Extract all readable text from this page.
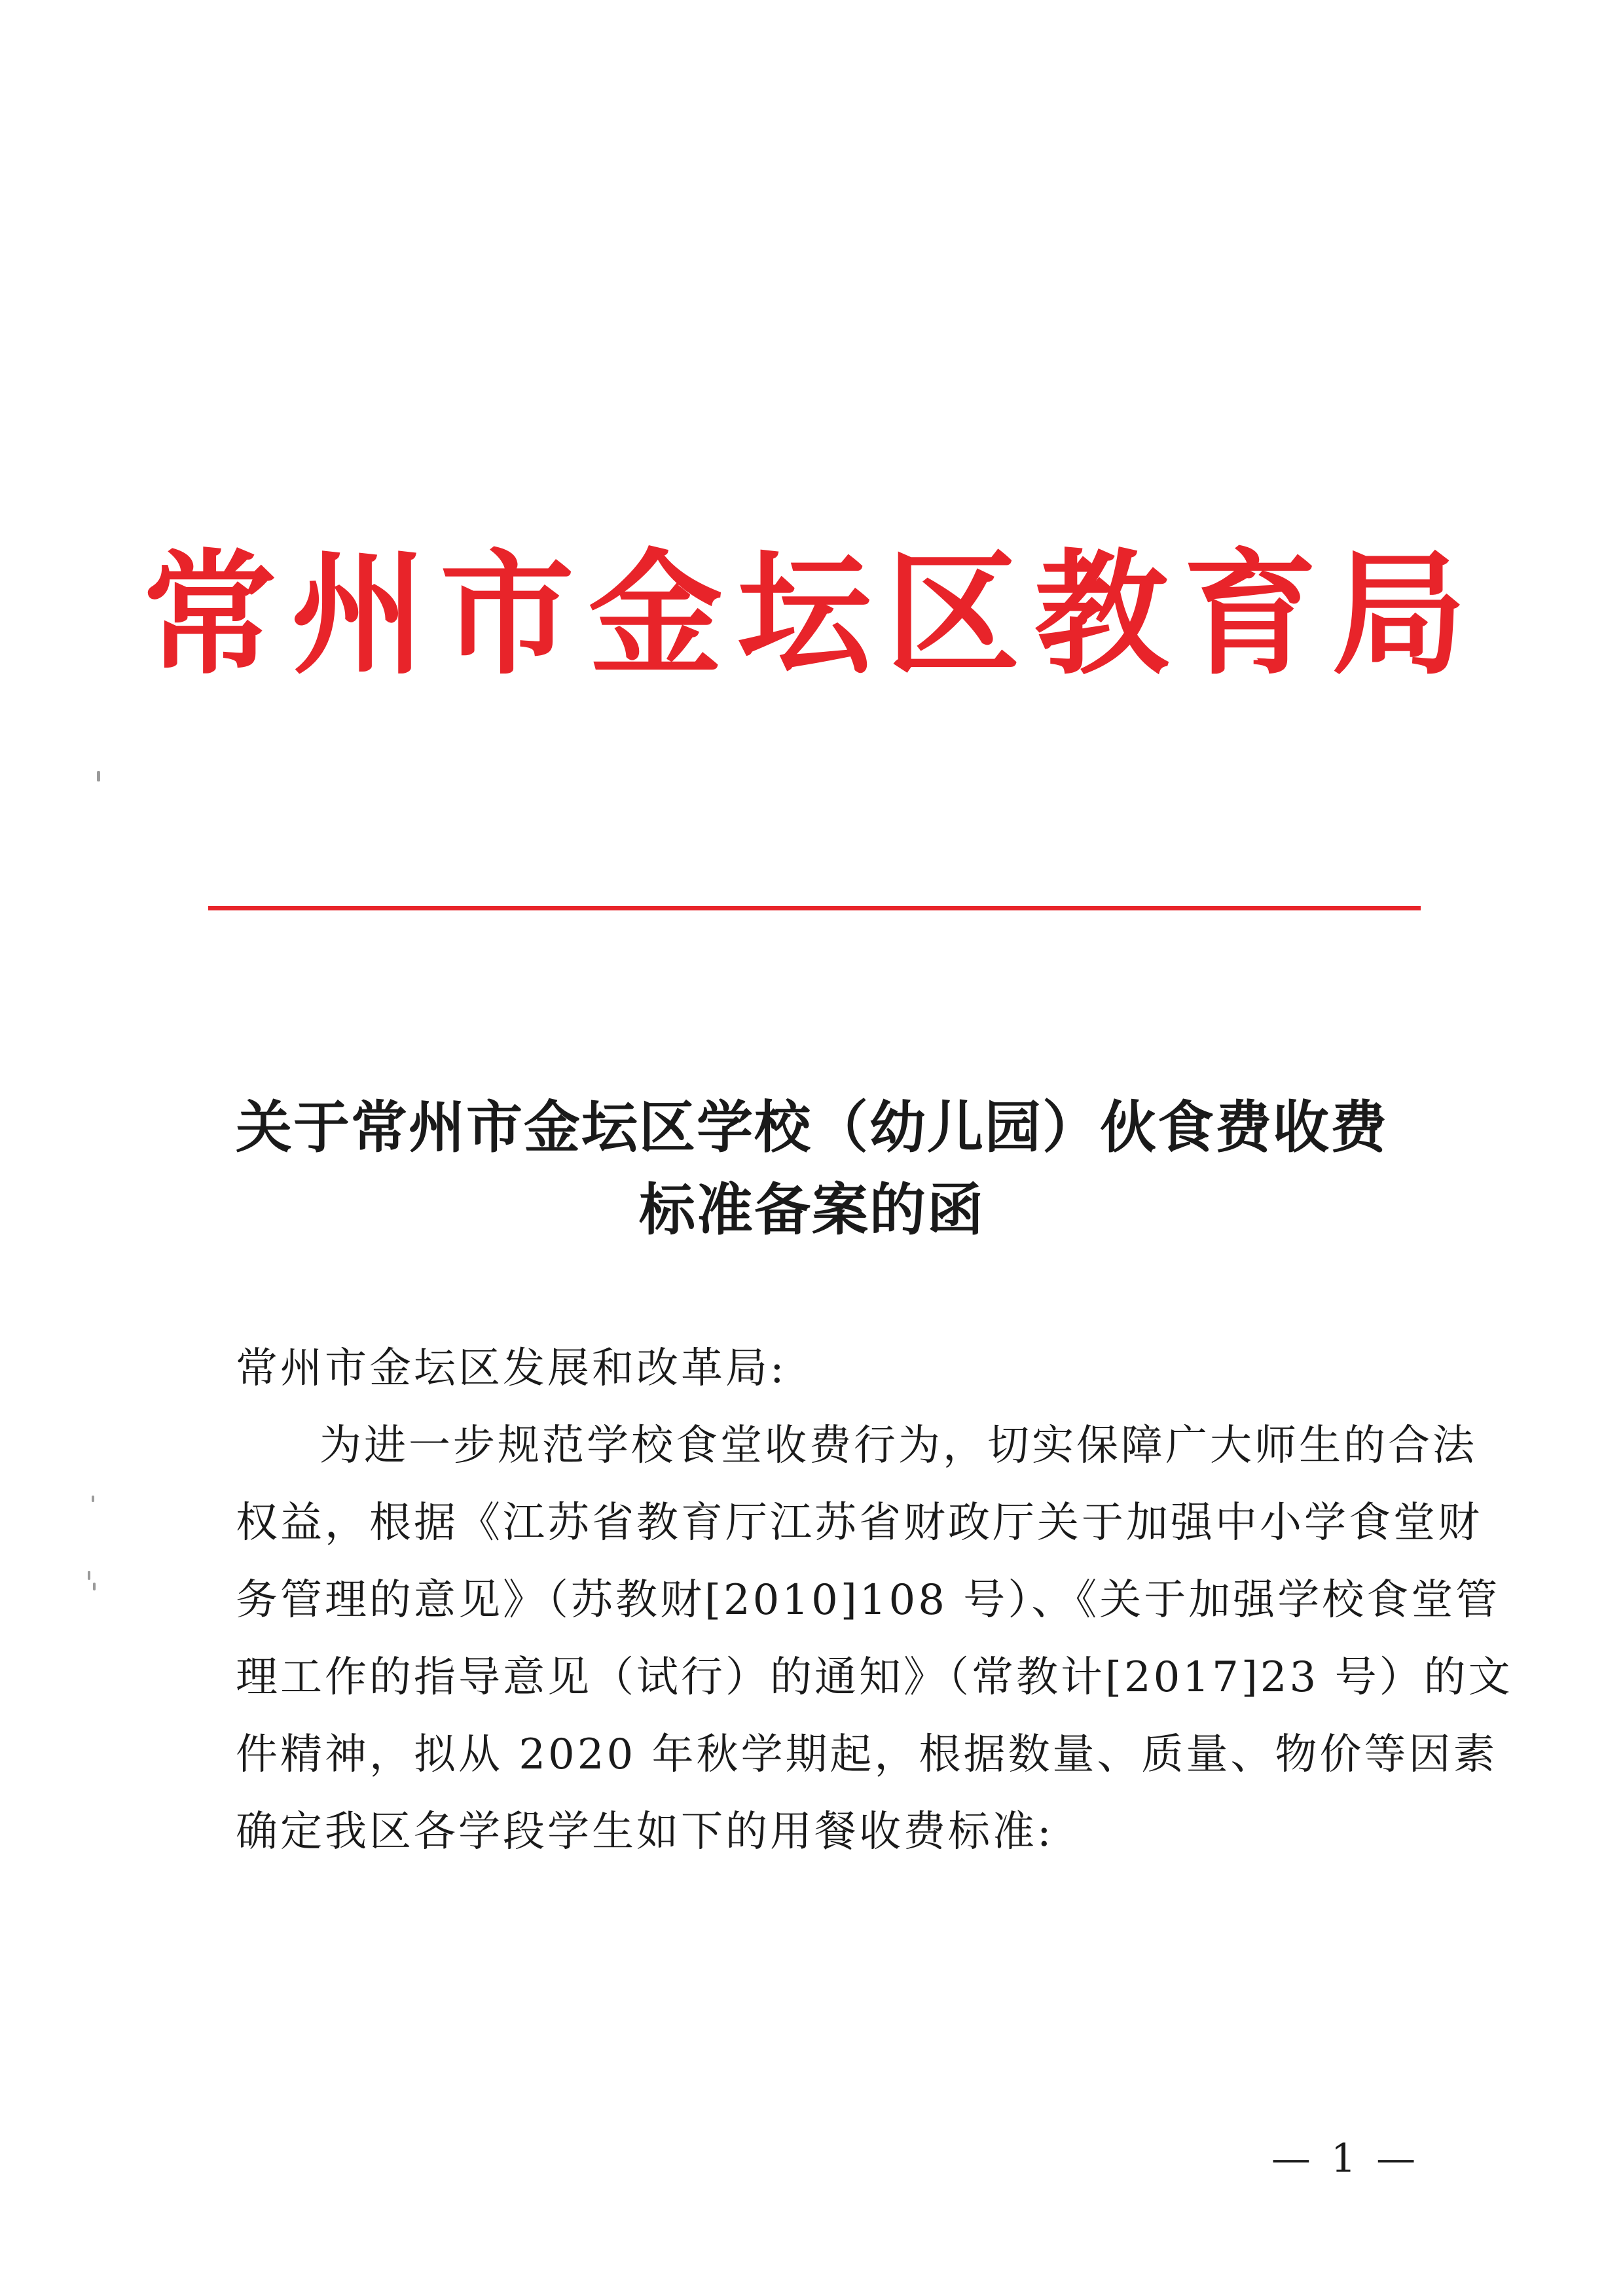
常州市金坛区教育局
关于常州市金坛区学校（幼儿园）伙食费收费
标准备案的函
常州市金坛区发展和改革局:
为进一步规范学校食堂收费行为，切实保障广大师生的合法
权益，根据《江苏省教育厅江苏省财政厅关于加强中小学食堂财
务管理的意见》（苏教财[2010]108 号）、《关于加强学校食堂管
理工作的指导意见（试行）的通知》（常教计[2017]23 号）的文
件精神，拟从 2020 年秋学期起，根据数量、质量、物价等因素
确定我区各学段学生如下的用餐收费标准:
— 1 —
